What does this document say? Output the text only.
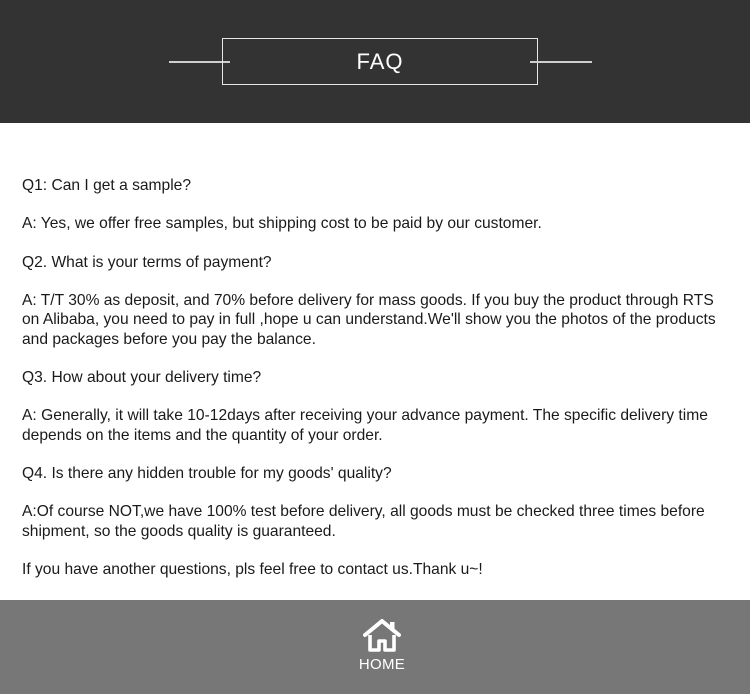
FAQ

Q1: Can I get a sample?

A: Yes, we offer free samples, but shipping cost to be paid by our customer.

Q2. What is your terms of payment?

A: T/T 30% as deposit, and 70% before delivery for mass goods. If you buy the product through RTS on Alibaba, you need to pay in full ,hope u can understand.We'll show you the photos of the products and packages before you pay the balance.

Q3. How about your delivery time?

A: Generally, it will take 10-12days after receiving your advance payment. The specific delivery time depends on the items and the quantity of your order.

Q4. Is there any hidden trouble for my goods' quality?

A:Of course NOT,we have 100% test before delivery, all goods must be checked three times before shipment, so the goods quality is guaranteed.

If you have another questions, pls feel free to contact us.Thank u~!

HOME
